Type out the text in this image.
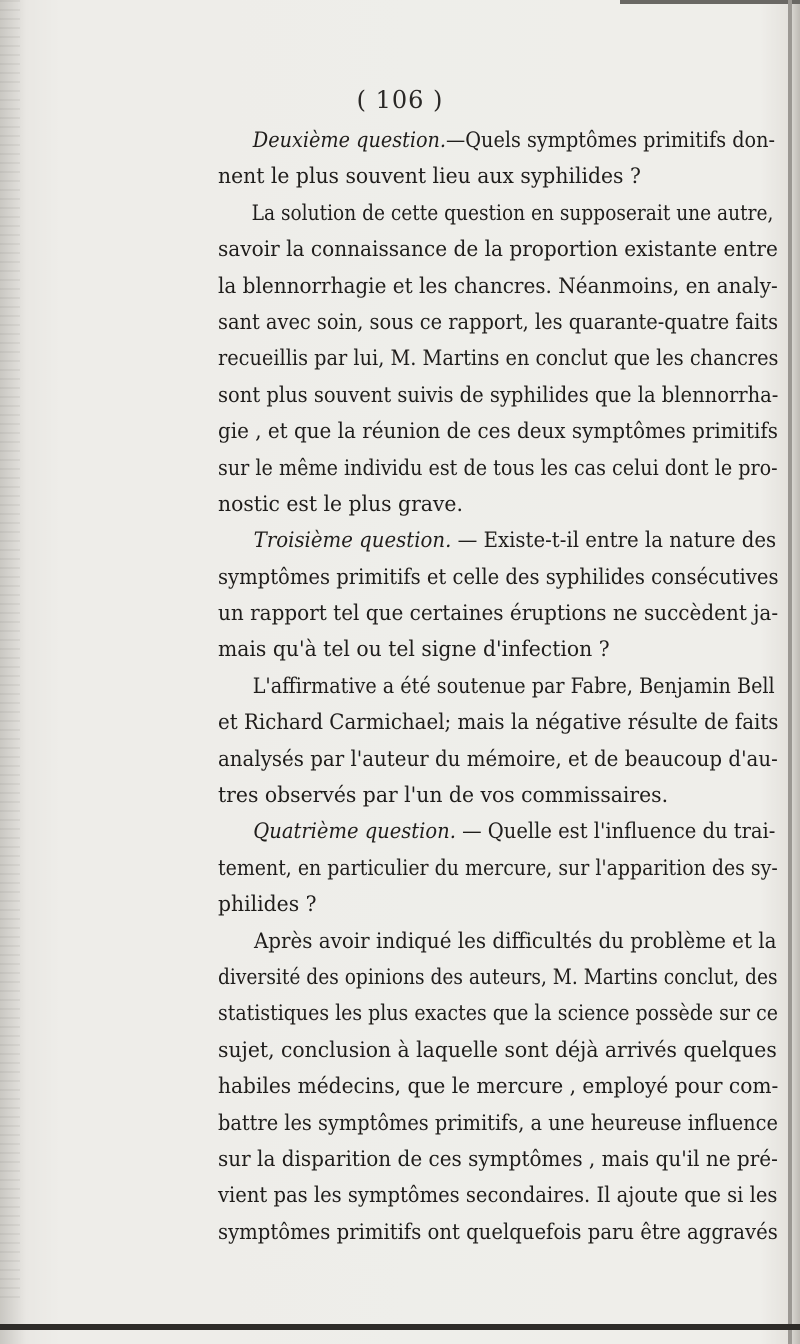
( 106 )
Deuxième question.—Quels symptômes primitifs don-
nent le plus souvent lieu aux syphilides ?
La solution de cette question en supposerait une autre,
savoir la connaissance de la proportion existante entre
la blennorrhagie et les chancres. Néanmoins, en analy-
sant avec soin, sous ce rapport, les quarante-quatre faits
recueillis par lui, M. Martins en conclut que les chancres
sont plus souvent suivis de syphilides que la blennorrha-
gie , et que la réunion de ces deux symptômes primitifs
sur le même individu est de tous les cas celui dont le pro-
nostic est le plus grave.
Troisième question. — Existe-t-il entre la nature des
symptômes primitifs et celle des syphilides consécutives
un rapport tel que certaines éruptions ne succèdent ja-
mais qu'à tel ou tel signe d'infection ?
L'affirmative a été soutenue par Fabre, Benjamin Bell
et Richard Carmichael; mais la négative résulte de faits
analysés par l'auteur du mémoire, et de beaucoup d'au-
tres observés par l'un de vos commissaires.
Quatrième question. — Quelle est l'influence du trai-
tement, en particulier du mercure, sur l'apparition des sy-
philides ?
Après avoir indiqué les difficultés du problème et la
diversité des opinions des auteurs, M. Martins conclut, des
statistiques les plus exactes que la science possède sur ce
sujet, conclusion à laquelle sont déjà arrivés quelques
habiles médecins, que le mercure , employé pour com-
battre les symptômes primitifs, a une heureuse influence
sur la disparition de ces symptômes , mais qu'il ne pré-
vient pas les symptômes secondaires. Il ajoute que si les
symptômes primitifs ont quelquefois paru être aggravés
